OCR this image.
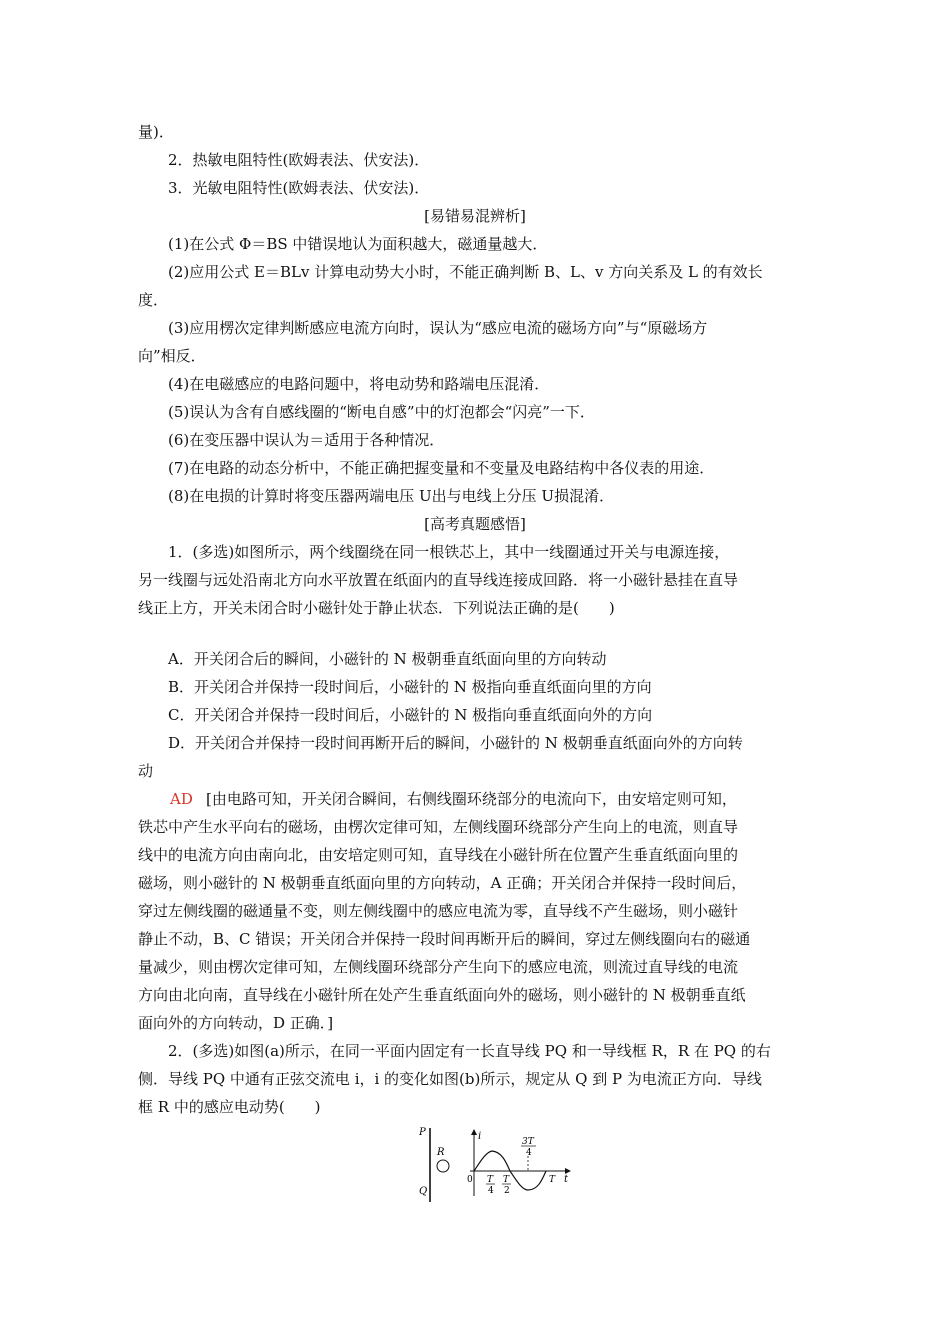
量)．
2．热敏电阻特性(欧姆表法、伏安法)．
3．光敏电阻特性(欧姆表法、伏安法)．
[易错易混辨析]
(1)在公式 Φ＝BS 中错误地认为面积越大，磁通量越大．
(2)应用公式 E＝BLv 计算电动势大小时，不能正确判断 B、L、v 方向关系及 L 的有效长
度．
(3)应用楞次定律判断感应电流方向时，误认为“感应电流的磁场方向”与“原磁场方
向”相反．
(4)在电磁感应的电路问题中，将电动势和路端电压混淆．
(5)误认为含有自感线圈的“断电自感”中的灯泡都会“闪亮”一下．
(6)在变压器中误认为＝适用于各种情况．
(7)在电路的动态分析中，不能正确把握变量和不变量及电路结构中各仪表的用途．
(8)在电损的计算时将变压器两端电压 U出与电线上分压 U损混淆．
[高考真题感悟]
1．(多选)如图所示，两个线圈绕在同一根铁芯上，其中一线圈通过开关与电源连接，
另一线圈与远处沿南北方向水平放置在纸面内的直导线连接成回路．将一小磁针悬挂在直导
线正上方，开关未闭合时小磁针处于静止状态．下列说法正确的是(　　)
A．开关闭合后的瞬间，小磁针的 N 极朝垂直纸面向里的方向转动
B．开关闭合并保持一段时间后，小磁针的 N 极指向垂直纸面向里的方向
C．开关闭合并保持一段时间后，小磁针的 N 极指向垂直纸面向外的方向
D．开关闭合并保持一段时间再断开后的瞬间，小磁针的 N 极朝垂直纸面向外的方向转
动
AD [由电路可知，开关闭合瞬间，右侧线圈环绕部分的电流向下，由安培定则可知，
铁芯中产生水平向右的磁场，由楞次定律可知，左侧线圈环绕部分产生向上的电流，则直导
线中的电流方向由南向北，由安培定则可知，直导线在小磁针所在位置产生垂直纸面向里的
磁场，则小磁针的 N 极朝垂直纸面向里的方向转动，A 正确；开关闭合并保持一段时间后，
穿过左侧线圈的磁通量不变，则左侧线圈中的感应电流为零，直导线不产生磁场，则小磁针
静止不动，B、C 错误；开关闭合并保持一段时间再断开后的瞬间，穿过左侧线圈向右的磁通
量减少，则由楞次定律可知，左侧线圈环绕部分产生向下的感应电流，则流过直导线的电流
方向由北向南，直导线在小磁针所在处产生垂直纸面向外的磁场，则小磁针的 N 极朝垂直纸
面向外的方向转动，D 正确．]
2．(多选)如图(a)所示，在同一平面内固定有一长直导线 PQ 和一导线框 R，R 在 PQ 的右
侧．导线 PQ 中通有正弦交流电 i，i 的变化如图(b)所示，规定从 Q 到 P 为电流正方向．导线
框 R 中的感应电动势(　　)
P
Q
R
i
t
0 T
4
T
2
3T
4
T
